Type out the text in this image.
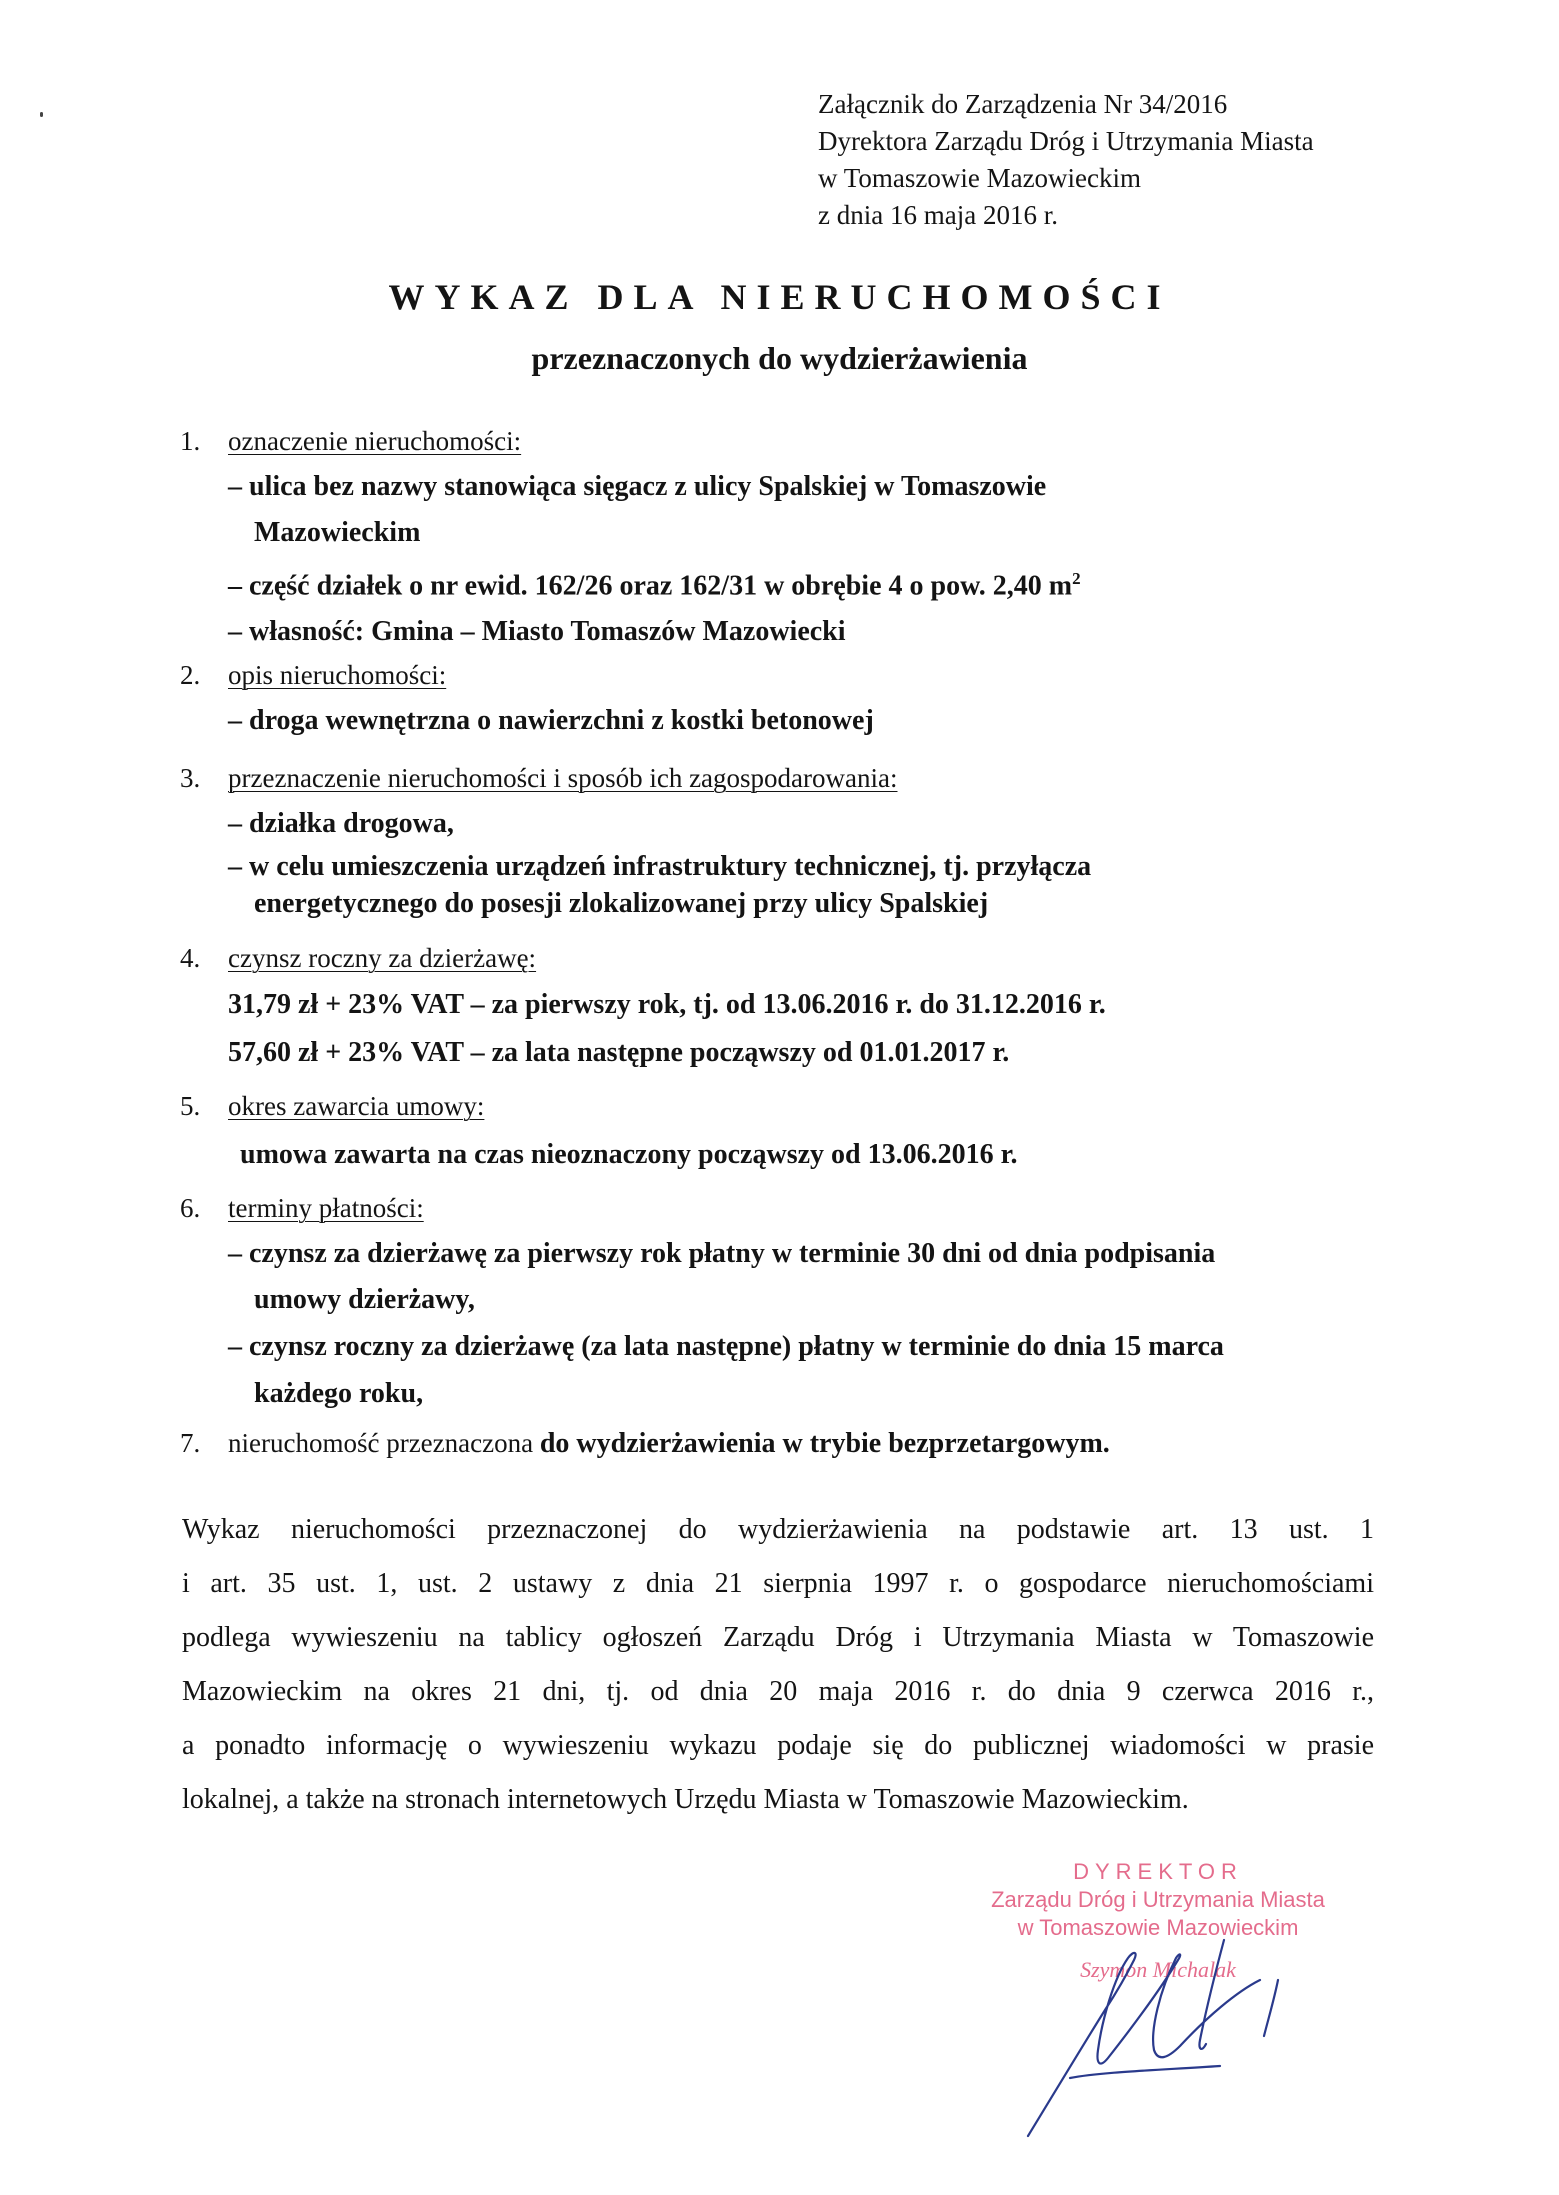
Załącznik do Zarządzenia Nr 34/2016
Dyrektora Zarządu Dróg i Utrzymania Miasta
w Tomaszowie Mazowieckim
z dnia 16 maja 2016 r.
WYKAZ DLA NIERUCHOMOŚCI
przeznaczonych do wydzierżawienia
1.	oznaczenie nieruchomości:
– ulica bez nazwy stanowiąca sięgacz z ulicy Spalskiej w Tomaszowie
Mazowieckim
– część działek o nr ewid. 162/26 oraz 162/31 w obrębie 4 o pow. 2,40 $m^2$
– własność: Gmina – Miasto Tomaszów Mazowiecki
2.	opis nieruchomości:
– droga wewnętrzna o nawierzchni z kostki betonowej
3.	przeznaczenie nieruchomości i sposób ich zagospodarowania:
– działka drogowa,
– w celu umieszczenia urządzeń infrastruktury technicznej, tj. przyłącza
energetycznego do posesji zlokalizowanej przy ulicy Spalskiej
4.	czynsz roczny za dzierżawę:
31,79 zł + 23% VAT – za pierwszy rok, tj. od 13.06.2016 r. do 31.12.2016 r.
57,60 zł + 23% VAT – za lata następne począwszy od 01.01.2017 r.
5.	okres zawarcia umowy:
umowa zawarta na czas nieoznaczony począwszy od 13.06.2016 r.
6.	terminy płatności:
– czynsz za dzierżawę za pierwszy rok płatny w terminie 30 dni od dnia podpisania
umowy dzierżawy,
– czynsz roczny za dzierżawę (za lata następne) płatny w terminie do dnia 15 marca
każdego roku,
7.	nieruchomość przeznaczona do wydzierżawienia w trybie bezprzetargowym.
Wykaz nieruchomości przeznaczonej do wydzierżawienia na podstawie art. 13 ust. 1
i art. 35 ust. 1, ust. 2 ustawy z dnia 21 sierpnia 1997 r. o gospodarce nieruchomościami
podlega wywieszeniu na tablicy ogłoszeń Zarządu Dróg i Utrzymania Miasta w Tomaszowie
Mazowieckim na okres 21 dni, tj. od dnia 20 maja 2016 r. do dnia 9 czerwca 2016 r.,
a ponadto informację o wywieszeniu wykazu podaje się do publicznej wiadomości w prasie
lokalnej, a także na stronach internetowych Urzędu Miasta w Tomaszowie Mazowieckim.
DYREKTOR
Zarządu Dróg i Utrzymania Miasta
w Tomaszowie Mazowieckim
Szymon Michalak
